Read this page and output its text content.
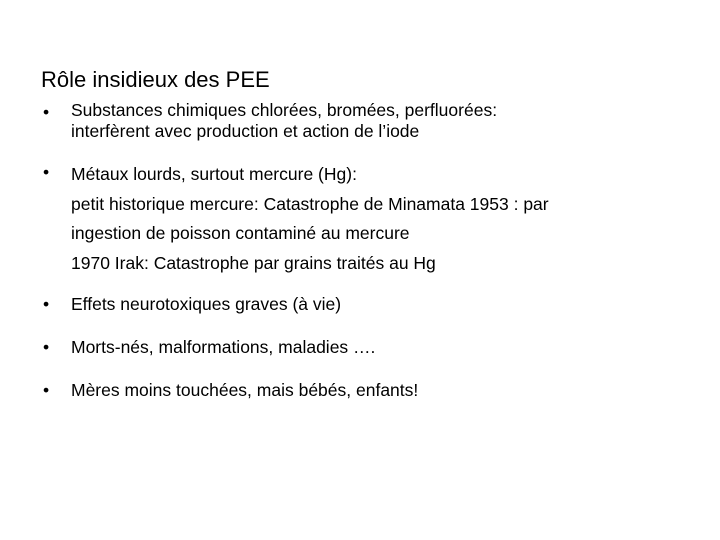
Rôle insidieux des PEE
•	Substances chimiques chlorées, bromées, perfluorées:
interfèrent avec production et action de l’iode
•	Métaux lourds, surtout mercure (Hg):
petit historique mercure: Catastrophe de Minamata 1953 : par
ingestion de poisson contaminé au mercure
1970 Irak: Catastrophe par grains traités au Hg
•	Effets neurotoxiques graves (à vie)
•	Morts-nés, malformations, maladies ….
•	Mères moins touchées, mais bébés, enfants!
